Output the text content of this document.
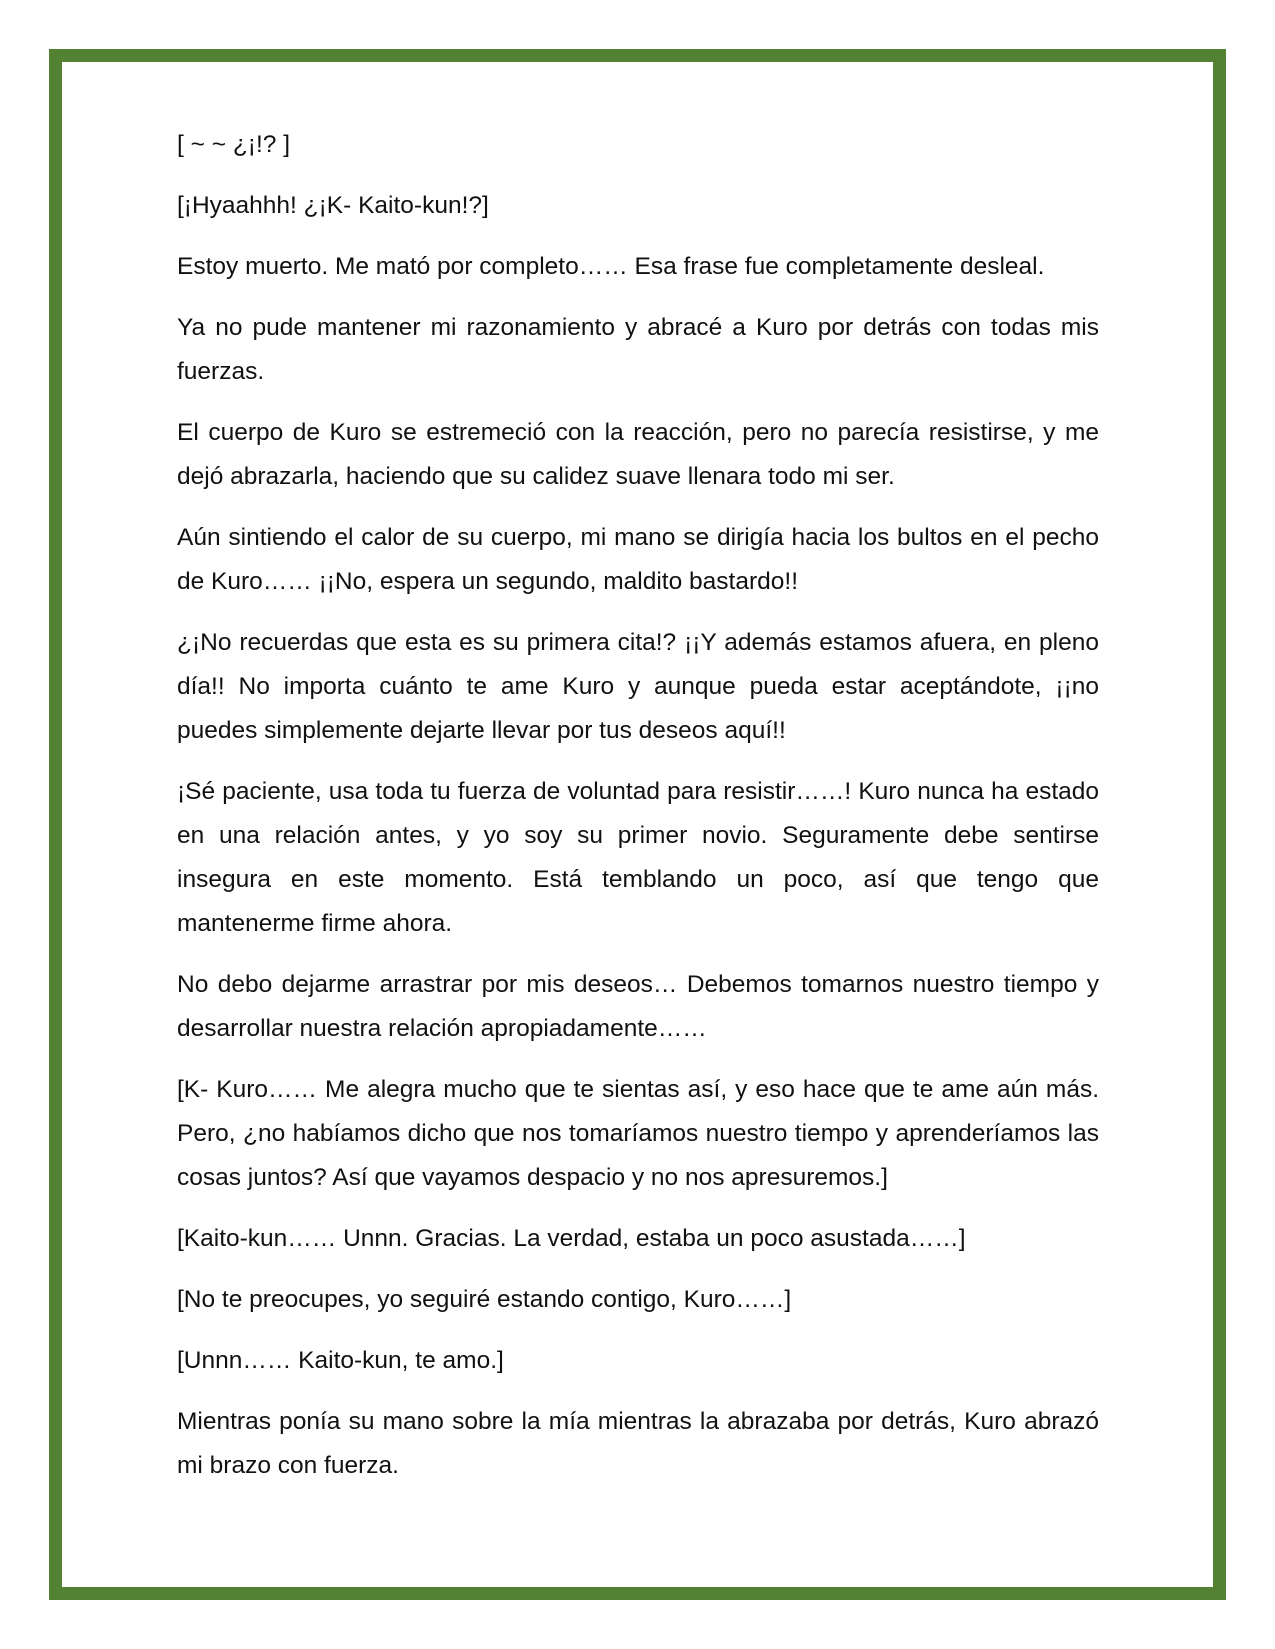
[ ~ ~ ¿¡!? ]

[¡Hyaahhh! ¿¡K- Kaito-kun!?]

Estoy muerto. Me mató por completo…… Esa frase fue completamente desleal.

Ya no pude mantener mi razonamiento y abracé a Kuro por detrás con todas mis fuerzas.

El cuerpo de Kuro se estremeció con la reacción, pero no parecía resistirse, y me dejó abrazarla, haciendo que su calidez suave llenara todo mi ser.

Aún sintiendo el calor de su cuerpo, mi mano se dirigía hacia los bultos en el pecho de Kuro…… ¡¡No, espera un segundo, maldito bastardo!!

¿¡No recuerdas que esta es su primera cita!? ¡¡Y además estamos afuera, en pleno día!! No importa cuánto te ame Kuro y aunque pueda estar aceptándote, ¡¡no puedes simplemente dejarte llevar por tus deseos aquí!!

¡Sé paciente, usa toda tu fuerza de voluntad para resistir……! Kuro nunca ha estado en una relación antes, y yo soy su primer novio. Seguramente debe sentirse insegura en este momento. Está temblando un poco, así que tengo que mantenerme firme ahora.

No debo dejarme arrastrar por mis deseos… Debemos tomarnos nuestro tiempo y desarrollar nuestra relación apropiadamente……

[K- Kuro…… Me alegra mucho que te sientas así, y eso hace que te ame aún más. Pero, ¿no habíamos dicho que nos tomaríamos nuestro tiempo y aprenderíamos las cosas juntos? Así que vayamos despacio y no nos apresuremos.]

[Kaito-kun…… Unnn. Gracias. La verdad, estaba un poco asustada……]

[No te preocupes, yo seguiré estando contigo, Kuro……]

[Unnn…… Kaito-kun, te amo.]

Mientras ponía su mano sobre la mía mientras la abrazaba por detrás, Kuro abrazó mi brazo con fuerza.
